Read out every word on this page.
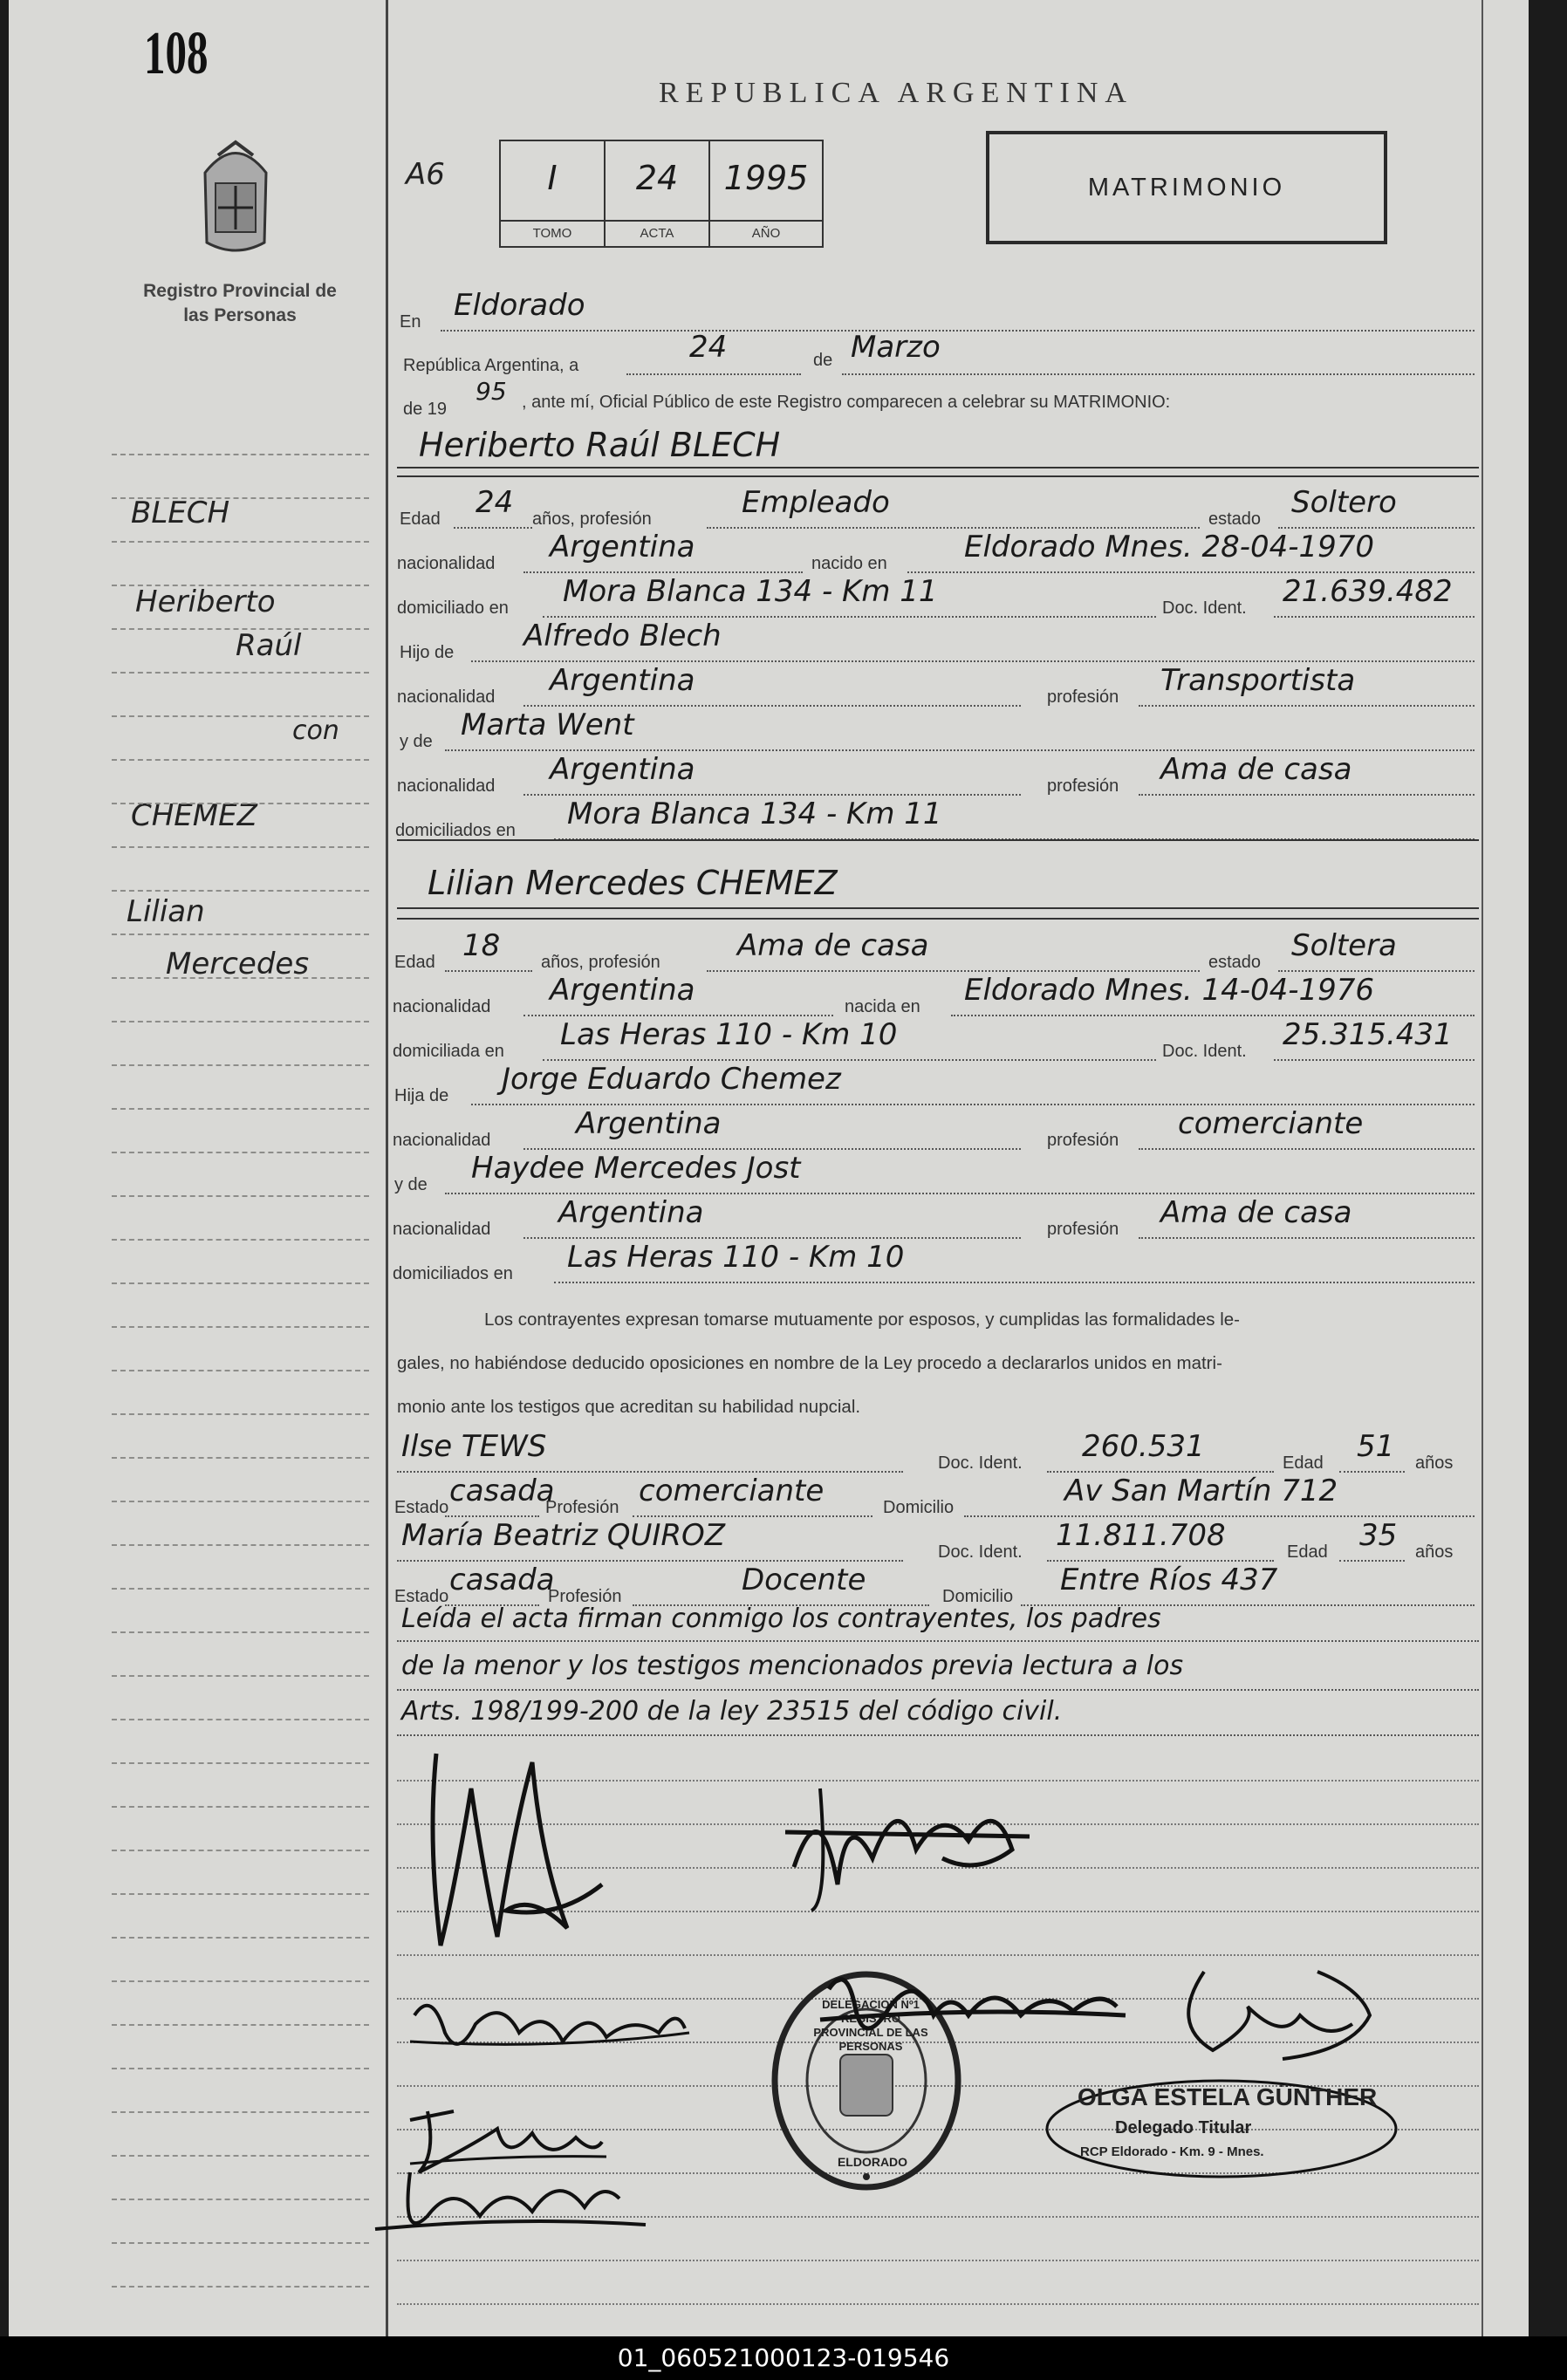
108
Registro Provincial de las Personas
BLECH
Heriberto
Raúl
con
CHEMEZ
Lilian
Mercedes
REPUBLICA ARGENTINA
A6	I	24	1995
TOMO	ACTA	AÑO
MATRIMONIO
En Eldorado
República Argentina, a
24	de Marzo
de 19
95 , ante mí, Oficial Público de este Registro comparecen a celebrar su MATRIMONIO:
Heriberto Raúl BLECH
Edad 24 años, profesión	Empleado	estado Soltero
nacionalidad Argentina	nacido en	Eldorado Mnes. 28-04-1970
domiciliado en Mora Blanca 134 - Km 11	Doc. Ident. 21.639.482
Hijo de Alfredo Blech
nacionalidad Argentina	profesión Transportista
y de Marta Went
nacionalidad Argentina	profesión Ama de casa
domiciliados en Mora Blanca 134 - Km 11
Lilian Mercedes CHEMEZ
Edad 18 años, profesión	Ama de casa	estado Soltera
nacionalidad Argentina	nacida en Eldorado Mnes. 14-04-1976
domiciliada en Las Heras 110 - Km 10	Doc. Ident. 25.315.431
Hija de Jorge Eduardo Chemez
nacionalidad	Argentina	profesión comerciante
y de Haydee Mercedes Jost
nacionalidad Argentina	profesión Ama de casa
domiciliados en Las Heras 110 - Km 10
Los contrayentes expresan tomarse mutuamente por esposos, y cumplidas las formalidades le-
gales, no habiéndose deducido oposiciones en nombre de la Ley procedo a declararlos unidos en matri-
monio ante los testigos que acreditan su habilidad nupcial.
Ilse TEWS	Doc. Ident. 260.531	Edad 51 años
Estado casada
Profesión comerciante	Domicilio	Av San Martín 712
María Beatriz QUIROZ	Doc. Ident. 11.811.708	Edad 35 años
Estado casada
Profesión	Docente	Domicilio Entre Ríos 437
Leída el acta firman conmigo los contrayentes, los padres
de la menor y los testigos mencionados previa lectura a los
Arts. 198/199-200 de la ley 23515 del código civil.
DELEGACION Nº1 REGISTRO PROVINCIAL DE LAS PERSONAS
ELDORADO
OLGA ESTELA GÜNTHER
Delegado Titular
RCP Eldorado - Km. 9 - Mnes.
01_060521000123-019546
